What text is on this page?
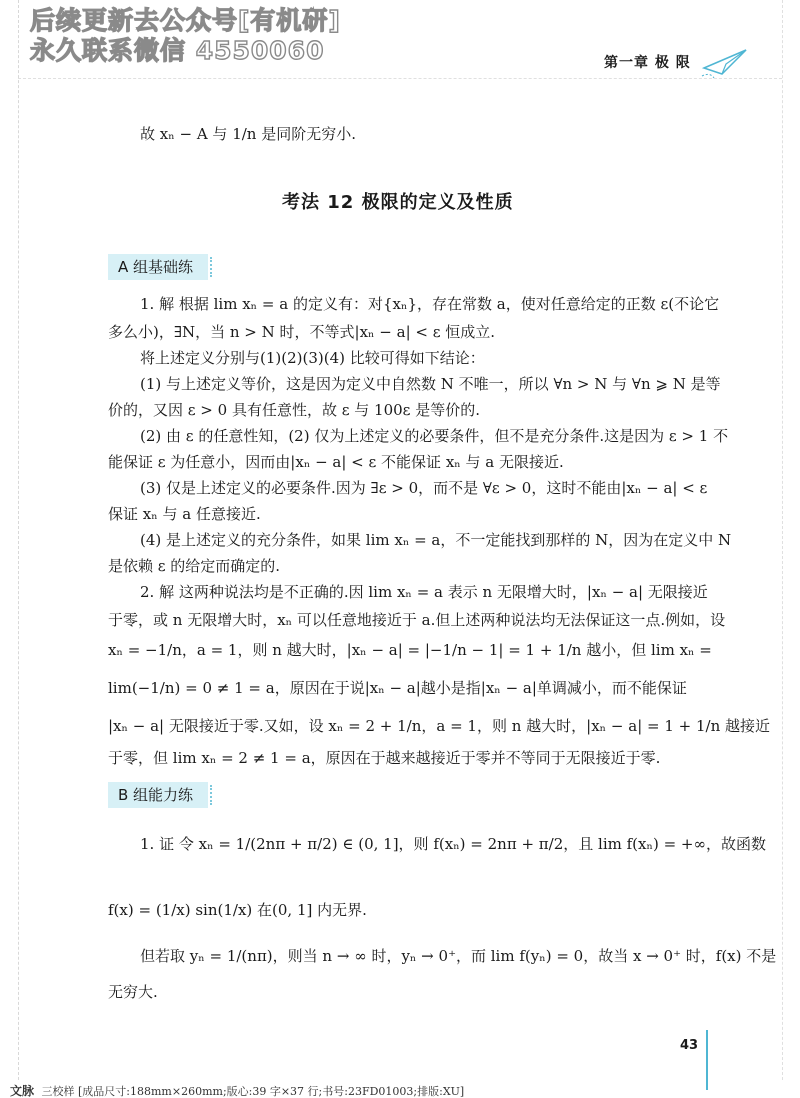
后续更新去公众号[有机研]
永久联系微信 4550060	第一章 极 限
故 xₙ − A 与 1/n 是同阶无穷小.
考法 12 极限的定义及性质
A 组基础练
1. 解 根据 lim xₙ = a 的定义有：对{xₙ}，存在常数 a，使对任意给定的正数 ε(不论它
多么小)，∃N，当 n > N 时，不等式|xₙ − a| < ε 恒成立.
将上述定义分别与(1)(2)(3)(4) 比较可得如下结论：
(1) 与上述定义等价，这是因为定义中自然数 N 不唯一，所以 ∀n > N 与 ∀n ⩾ N 是等
价的，又因 ε > 0 具有任意性，故 ε 与 100ε 是等价的.
(2) 由 ε 的任意性知，(2) 仅为上述定义的必要条件，但不是充分条件.这是因为 ε > 1 不
能保证 ε 为任意小，因而由|xₙ − a| < ε 不能保证 xₙ 与 a 无限接近.
(3) 仅是上述定义的必要条件.因为 ∃ε > 0，而不是 ∀ε > 0，这时不能由|xₙ − a| < ε
保证 xₙ 与 a 任意接近.
(4) 是上述定义的充分条件，如果 lim xₙ = a，不一定能找到那样的 N，因为在定义中 N
是依赖 ε 的给定而确定的.
2. 解 这两种说法均是不正确的.因 lim xₙ = a 表示 n 无限增大时，|xₙ − a| 无限接近
于零，或 n 无限增大时，xₙ 可以任意地接近于 a.但上述两种说法均无法保证这一点.例如，设
xₙ = −1/n，a = 1，则 n 越大时，|xₙ − a| = |−1/n − 1| = 1 + 1/n 越小，但 lim xₙ =
lim(−1/n) = 0 ≠ 1 = a，原因在于说|xₙ − a|越小是指|xₙ − a|单调减小，而不能保证
|xₙ − a| 无限接近于零.又如，设 xₙ = 2 + 1/n，a = 1，则 n 越大时，|xₙ − a| = 1 + 1/n 越接近
于零，但 lim xₙ = 2 ≠ 1 = a，原因在于越来越接近于零并不等同于无限接近于零.
B 组能力练
1. 证 令 xₙ = 1/(2nπ + π/2) ∈ (0, 1]，则 f(xₙ) = 2nπ + π/2，且 lim f(xₙ) = +∞，故函数
f(x) = (1/x) sin(1/x) 在(0, 1] 内无界.
但若取 yₙ = 1/(nπ)，则当 n → ∞ 时，yₙ → 0⁺，而 lim f(yₙ) = 0，故当 x → 0⁺ 时，f(x) 不是
无穷大.
43
文脉 三校样 [成品尺寸:188mm×260mm;版心:39 字×37 行;书号:23FD01003;排版:XU]
